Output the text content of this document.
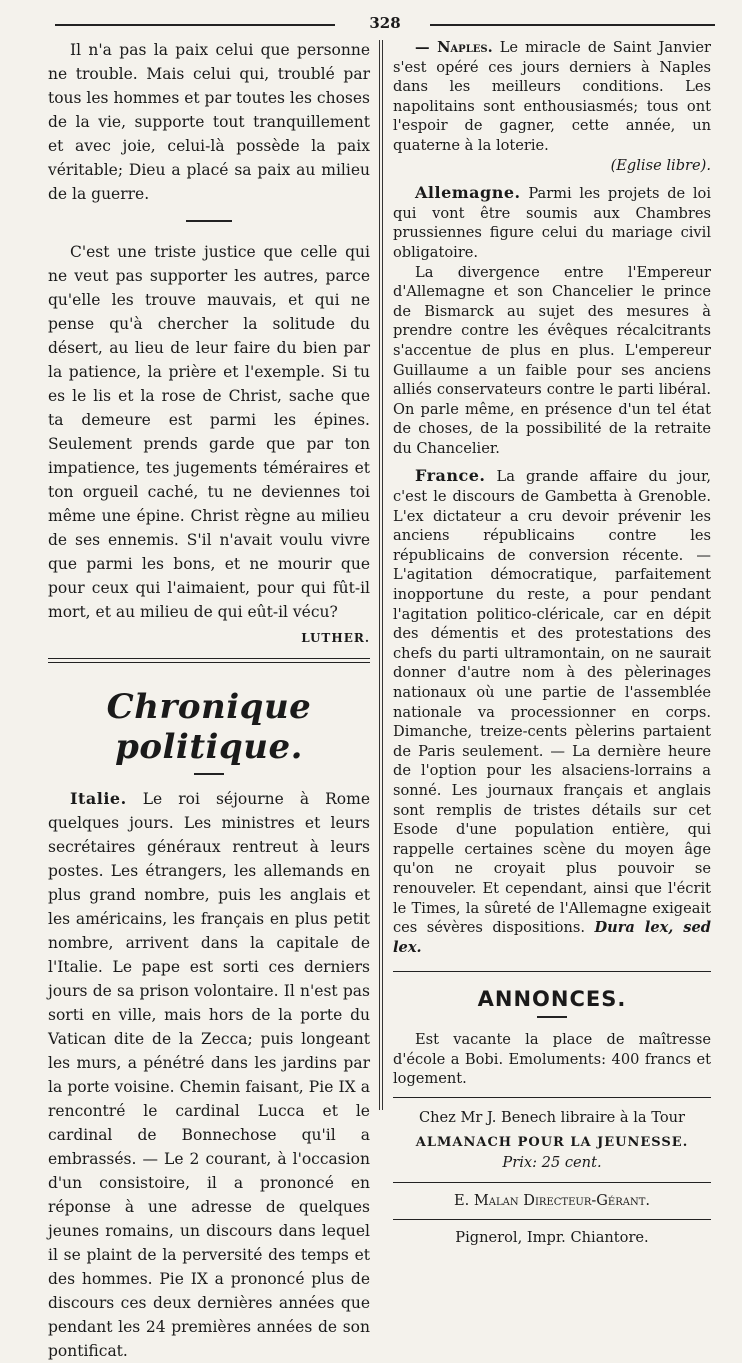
328

Il n'a pas la paix celui que personne ne trouble. Mais celui qui, troublé par tous les hommes et par toutes les choses de la vie, supporte tout tranquillement et avec joie, celui-là possède la paix véritable; Dieu a placé sa paix au milieu de la guerre.

C'est une triste justice que celle qui ne veut pas supporter les autres, parce qu'elle les trouve mauvais, et qui ne pense qu'à chercher la solitude du désert, au lieu de leur faire du bien par la patience, la prière et l'exemple. Si tu es le lis et la rose de Christ, sache que ta demeure est parmi les épines. Seulement prends garde que par ton impatience, tes jugements téméraires et ton orgueil caché, tu ne deviennes toi même une épine. Christ règne au milieu de ses ennemis. S'il n'avait voulu vivre que parmi les bons, et ne mourir que pour ceux qui l'aimaient, pour qui fût-il mort, et au milieu de qui eût-il vécu?

LUTHER.
Chronique politique.

Italie. Le roi séjourne à Rome quelques jours. Les ministres et leurs secrétaires généraux rentreut à leurs postes. Les étrangers, les allemands en plus grand nombre, puis les anglais et les américains, les français en plus petit nombre, arrivent dans la capitale de l'Italie. Le pape est sorti ces derniers jours de sa prison volontaire. Il n'est pas sorti en ville, mais hors de la porte du Vatican dite de la Zecca; puis longeant les murs, a pénétré dans les jardins par la porte voisine. Chemin faisant, Pie IX a rencontré le cardinal Lucca et le cardinal de Bonnechose qu'il a embrassés. — Le 2 courant, à l'occasion d'un consistoire, il a prononcé en réponse à une adresse de quelques jeunes romains, un discours dans lequel il se plaint de la perversité des temps et des hommes. Pie IX a prononcé plus de discours ces deux dernières années que pendant les 24 premières années de son pontificat.

— Naples. Le miracle de Saint Janvier s'est opéré ces jours derniers à Naples dans les meilleurs conditions. Les napolitains sont enthousiasmés; tous ont l'espoir de gagner, cette année, un quaterne à la loterie.

(Eglise libre).

Allemagne. Parmi les projets de loi qui vont être soumis aux Chambres prussiennes figure celui du mariage civil obligatoire.

La divergence entre l'Empereur d'Allemagne et son Chancelier le prince de Bismarck au sujet des mesures à prendre contre les évêques récalcitrants s'accentue de plus en plus. L'empereur Guillaume a un faible pour ses anciens alliés conservateurs contre le parti libéral. On parle même, en présence d'un tel état de choses, de la possibilité de la retraite du Chancelier.

France. La grande affaire du jour, c'est le discours de Gambetta à Grenoble. L'ex dictateur a cru devoir prévenir les anciens républicains contre les républicains de conversion récente. — L'agitation démocratique, parfaitement inopportune du reste, a pour pendant l'agitation politico-cléricale, car en dépit des démentis et des protestations des chefs du parti ultramontain, on ne saurait donner d'autre nom à des pèlerinages nationaux où une partie de l'assemblée nationale va processionner en corps. Dimanche, treize-cents pèlerins partaient de Paris seulement. — La dernière heure de l'option pour les alsaciens-lorrains a sonné. Les journaux français et anglais sont remplis de tristes détails sur cet Esode d'une population entière, qui rappelle certaines scène du moyen âge qu'on ne croyait plus pouvoir se renouveler. Et cependant, ainsi que l'écrit le Times, la sûreté de l'Allemagne exigeait ces sévères dispositions. Dura lex, sed lex.

ANNONCES.

Est vacante la place de maîtresse d'école a Bobi. Emoluments: 400 francs et logement.

Chez Mr J. Benech libraire à la Tour
ALMANACH POUR LA JEUNESSE.
Prix: 25 cent.
E. Malan Directeur-Gérant.
Pignerol, Impr. Chiantore.
